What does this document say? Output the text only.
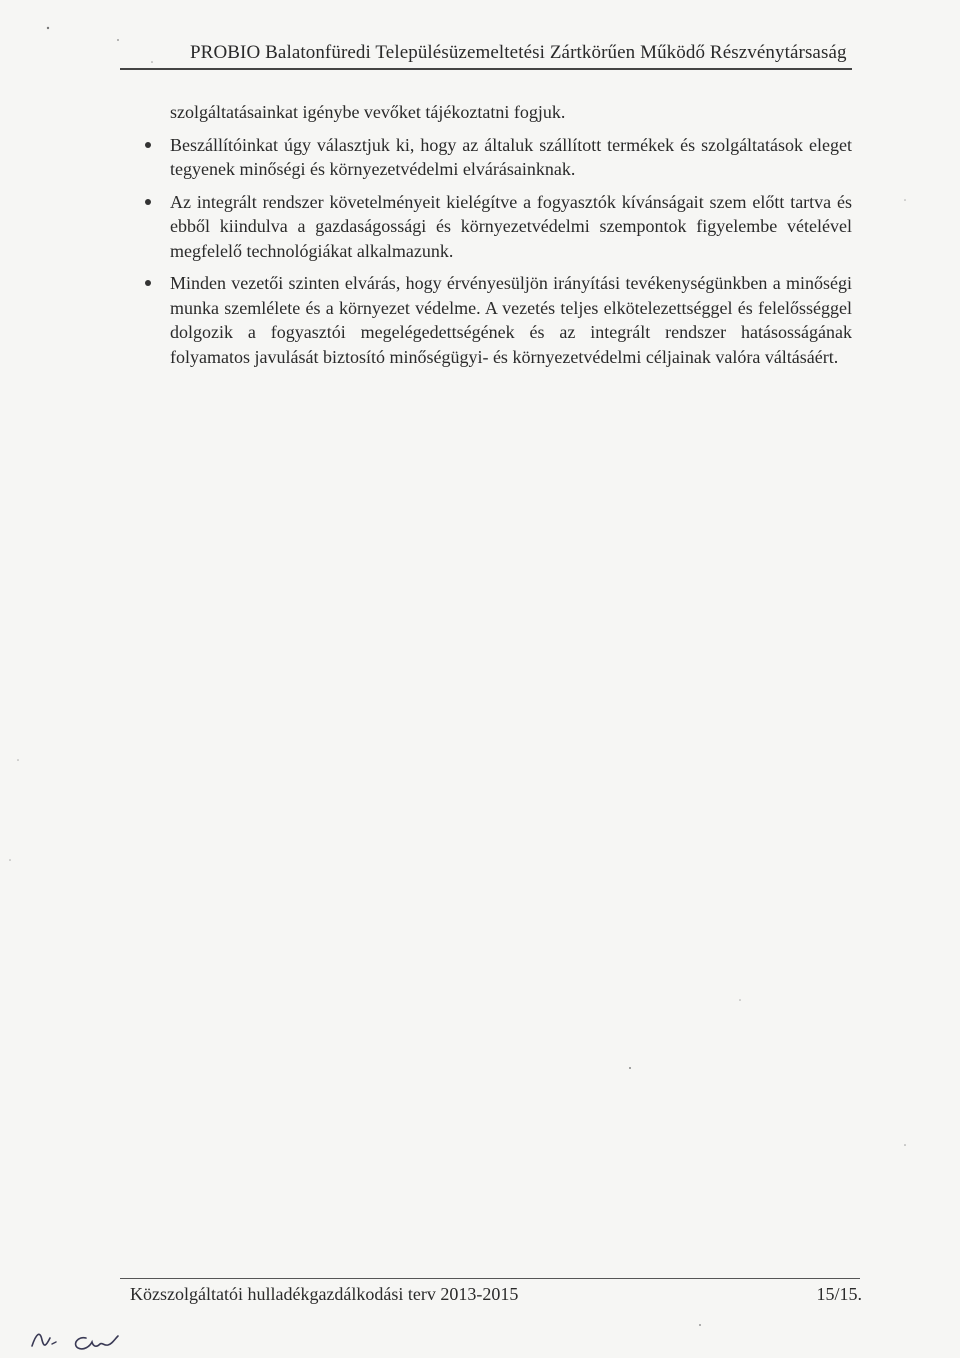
PROBIO Balatonfüredi Településüzemeltetési Zártkörűen Működő Részvénytársaság

szolgáltatásainkat igénybe vevőket tájékoztatni fogjuk.

Beszállítóinkat úgy választjuk ki, hogy az általuk szállított termékek és szolgáltatások eleget tegyenek minőségi és környezetvédelmi elvárásainknak.
Az integrált rendszer követelményeit kielégítve a fogyasztók kívánságait szem előtt tartva és ebből kiindulva a gazdaságossági és környezetvédelmi szempontok figyelembe vételével megfelelő technológiákat alkalmazunk.
Minden vezetői szinten elvárás, hogy érvényesüljön irányítási tevékenységünkben a minőségi munka szemlélete és a környezet védelme. A vezetés teljes elkötelezettséggel és felelősséggel dolgozik a fogyasztói megelégedettségének és az integrált rendszer hatásosságának folyamatos javulását biztosító minőségügyi- és környezetvédelmi céljainak valóra váltásáért.
Közszolgáltatói hulladékgazdálkodási terv 2013-2015	15/15.
